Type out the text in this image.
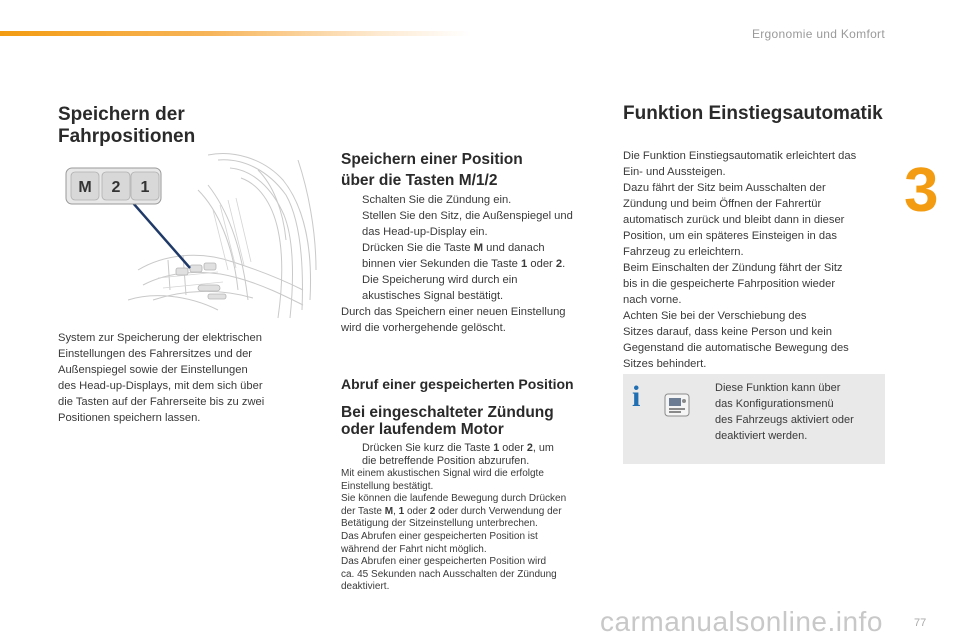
Ergonomie und Komfort
3
Speichern der
Fahrpositionen
M 2 1
System zur Speicherung der elektrischen
Einstellungen des Fahrersitzes und der
Außenspiegel sowie der Einstellungen
des Head-up-Displays, mit dem sich über
die Tasten auf der Fahrerseite bis zu zwei
Positionen speichern lassen.
Speichern einer Position
über die Tasten M/1/2
Schalten Sie die Zündung ein.
Stellen Sie den Sitz, die Außenspiegel und
das Head-up-Display ein.
Drücken Sie die Taste M und danach
binnen vier Sekunden die Taste 1 oder 2.
Die Speicherung wird durch ein
akustisches Signal bestätigt.
Durch das Speichern einer neuen Einstellung
wird die vorhergehende gelöscht.
Abruf einer gespeicherten Position
Bei eingeschalteter Zündung
oder laufendem Motor
Drücken Sie kurz die Taste 1 oder 2, um
die betreffende Position abzurufen.
Mit einem akustischen Signal wird die erfolgte
Einstellung bestätigt.
Sie können die laufende Bewegung durch Drücken
der Taste M, 1 oder 2 oder durch Verwendung der
Betätigung der Sitzeinstellung unterbrechen.
Das Abrufen einer gespeicherten Position ist
während der Fahrt nicht möglich.
Das Abrufen einer gespeicherten Position wird
ca. 45 Sekunden nach Ausschalten der Zündung
deaktiviert.
Funktion Einstiegsautomatik
Die Funktion Einstiegsautomatik erleichtert das
Ein- und Aussteigen.
Dazu fährt der Sitz beim Ausschalten der
Zündung und beim Öffnen der Fahrertür
automatisch zurück und bleibt dann in dieser
Position, um ein späteres Einsteigen in das
Fahrzeug zu erleichtern.
Beim Einschalten der Zündung fährt der Sitz
bis in die gespeicherte Fahrposition wieder
nach vorne.
Achten Sie bei der Verschiebung des
Sitzes darauf, dass keine Person und kein
Gegenstand die automatische Bewegung des
Sitzes behindert.
i	Diese Funktion kann über
das Konfigurationsmenü
des Fahrzeugs aktiviert oder
deaktiviert werden.
carmanualsonline.info	77
